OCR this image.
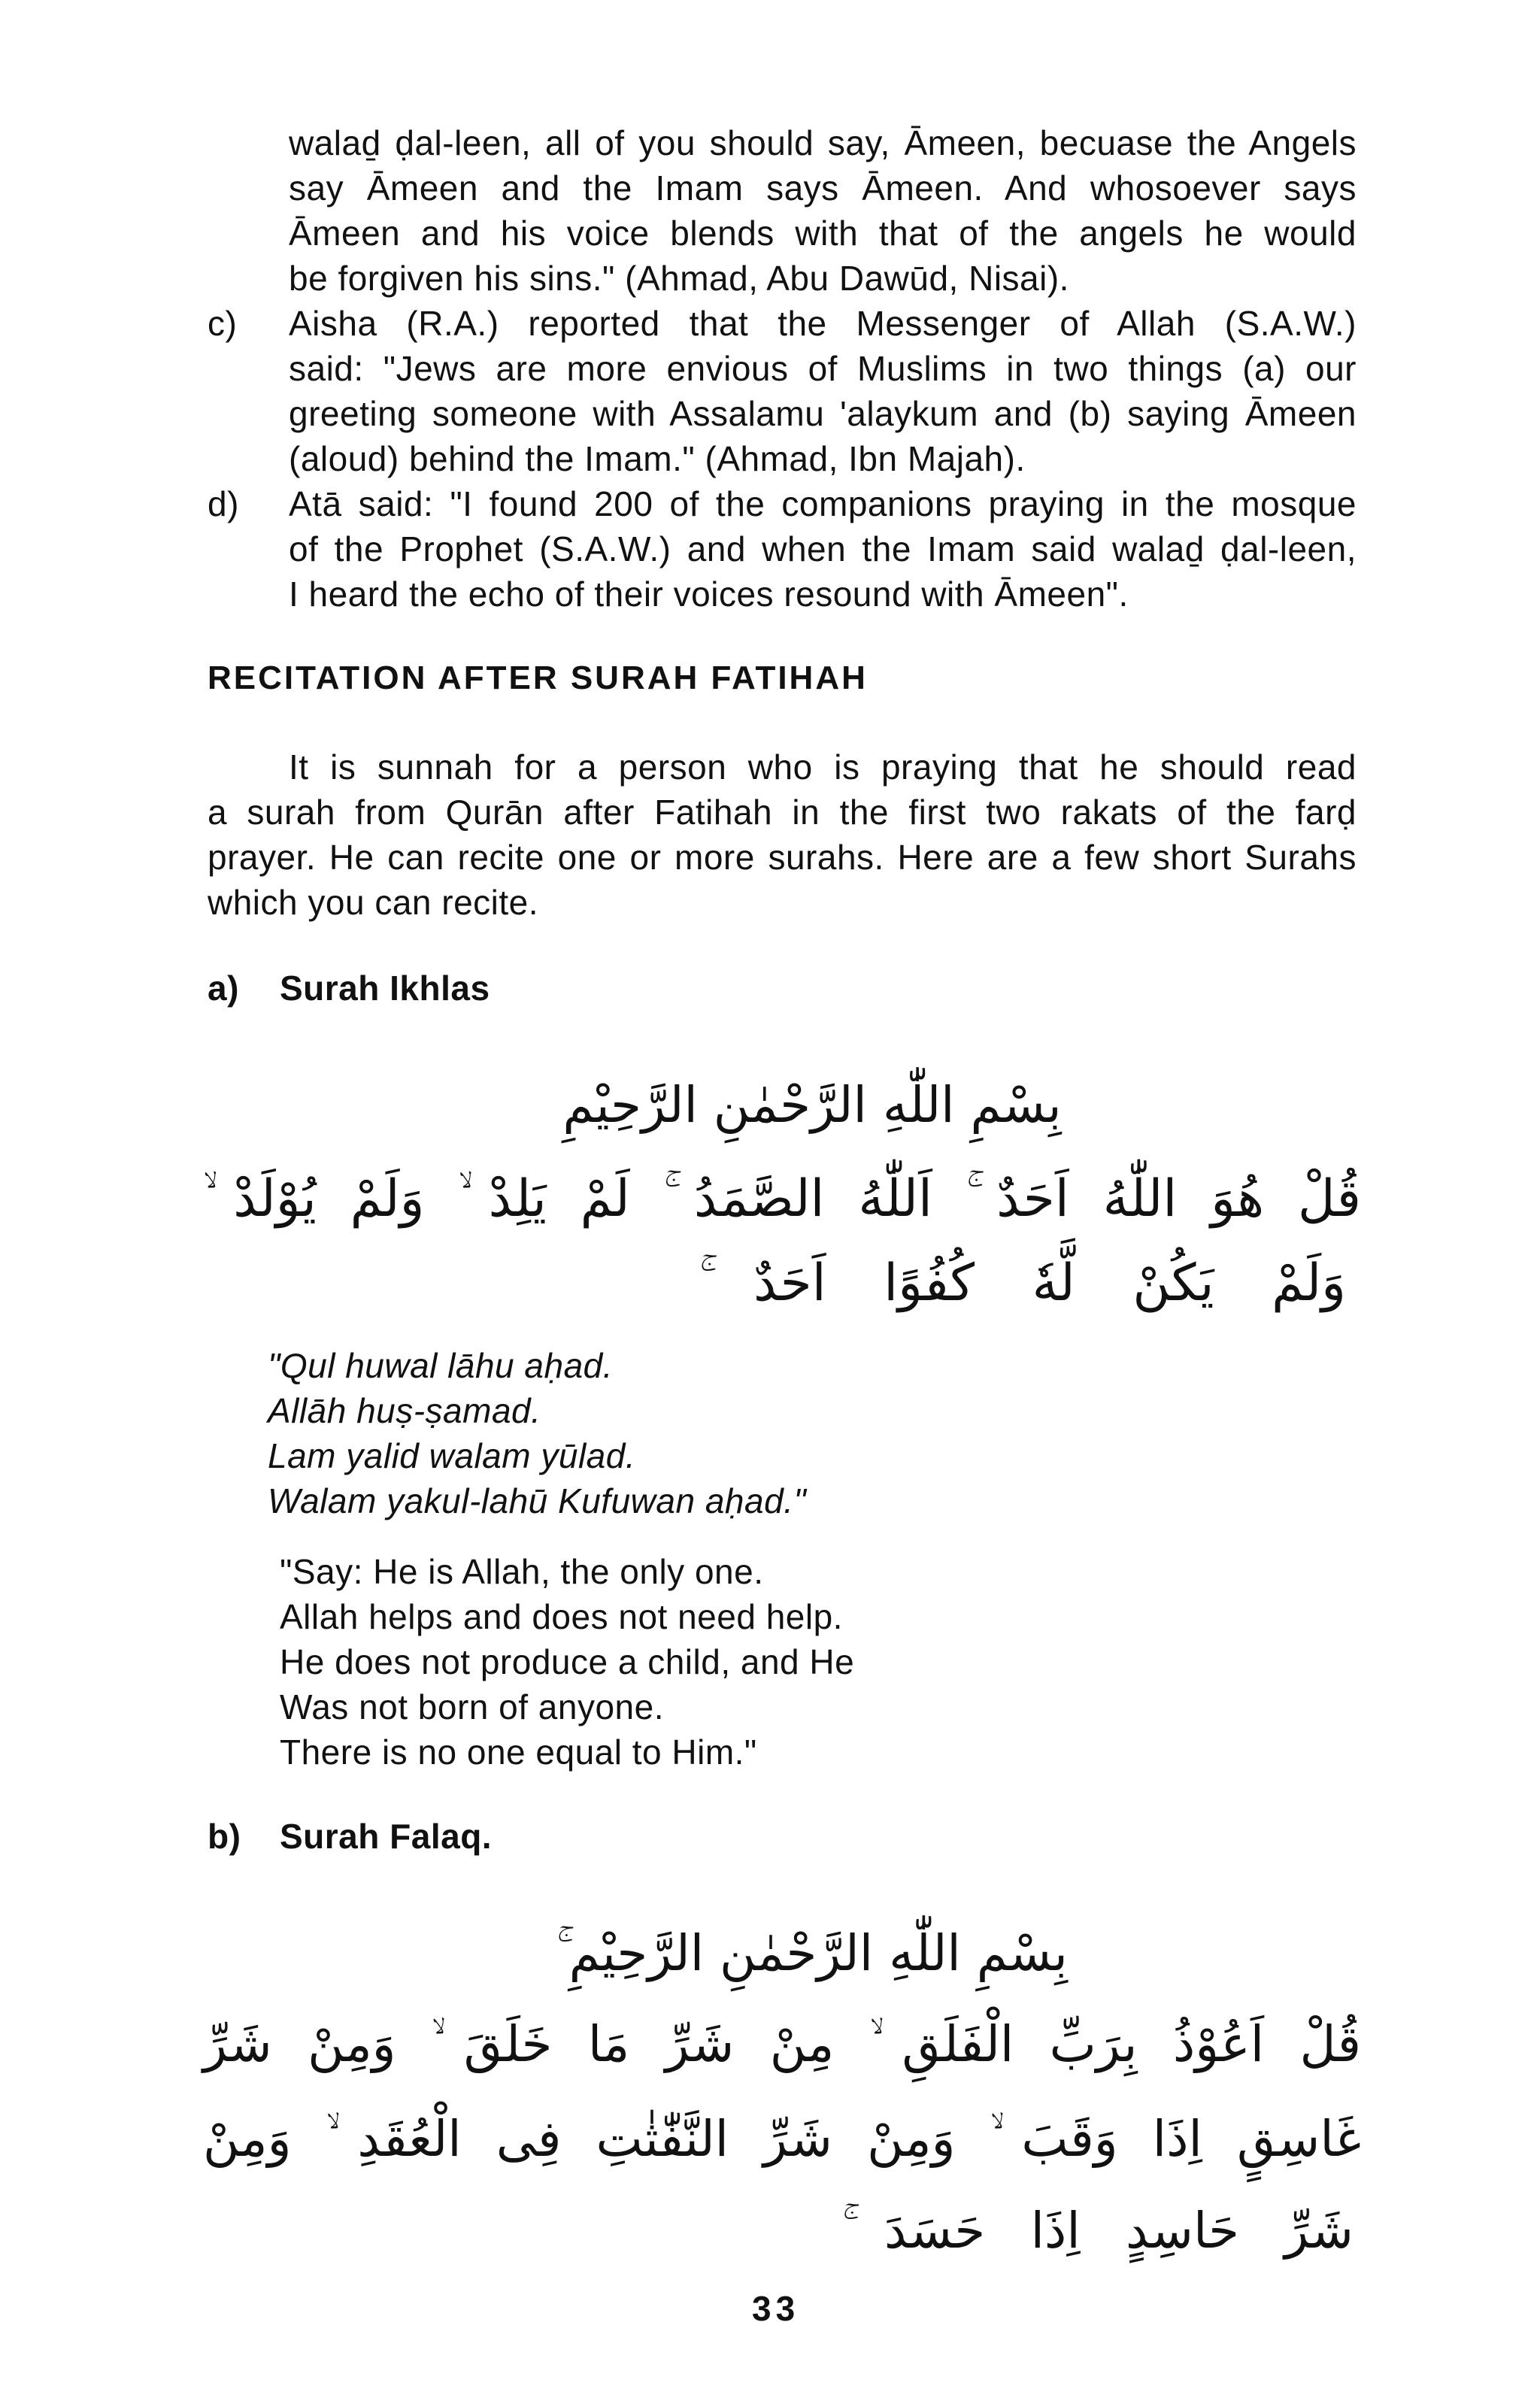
walaḏ ḍal-leen, all of you should say, Āmeen, becuase the Angels
say Āmeen and the Imam says Āmeen. And whosoever says
Āmeen and his voice blends with that of the angels he would
be forgiven his sins." (Ahmad, Abu Dawūd, Nisai).
c) Aisha (R.A.) reported that the Messenger of Allah (S.A.W.)
said: "Jews are more envious of Muslims in two things (a) our
greeting someone with Assalamu 'alaykum and (b) saying Āmeen
(aloud) behind the Imam." (Ahmad, Ibn Majah).
d) Atā said: "I found 200 of the companions praying in the mosque
of the Prophet (S.A.W.) and when the Imam said walaḏ ḍal-leen,
I heard the echo of their voices resound with Āmeen".
RECITATION AFTER SURAH FATIHAH
It is sunnah for a person who is praying that he should read
a surah from Qurān after Fatihah in the first two rakats of the farḍ
prayer. He can recite one or more surahs. Here are a few short Surahs
which you can recite.
a) Surah Ikhlas
بِسْمِ اللّٰهِ الرَّحْمٰنِ الرَّحِيْمِ
قُلْ هُوَ اللّٰهُ اَحَدٌ ۚ اَللّٰهُ الصَّمَدُ ۚ لَمْ يَلِدْ ۙ وَلَمْ يُوْلَدْ ۙ
وَلَمْ يَكُنْ لَّهٗ كُفُوًا اَحَدٌ ۚ
"Qul huwal lāhu aḥad.
Allāh huṣ-ṣamad.
Lam yalid walam yūlad.
Walam yakul-lahū Kufuwan aḥad."
"Say: He is Allah, the only one.
Allah helps and does not need help.
He does not produce a child, and He
Was not born of anyone.
There is no one equal to Him."
b) Surah Falaq.
بِسْمِ اللّٰهِ الرَّحْمٰنِ الرَّحِيْمِ ۚ
قُلْ اَعُوْذُ بِرَبِّ الْفَلَقِ ۙ مِنْ شَرِّ مَا خَلَقَ ۙ وَمِنْ شَرِّ
غَاسِقٍ اِذَا وَقَبَ ۙ وَمِنْ شَرِّ النَّفّٰثٰتِ فِى الْعُقَدِ ۙ وَمِنْ
شَرِّ حَاسِدٍ اِذَا حَسَدَ ۚ
33
